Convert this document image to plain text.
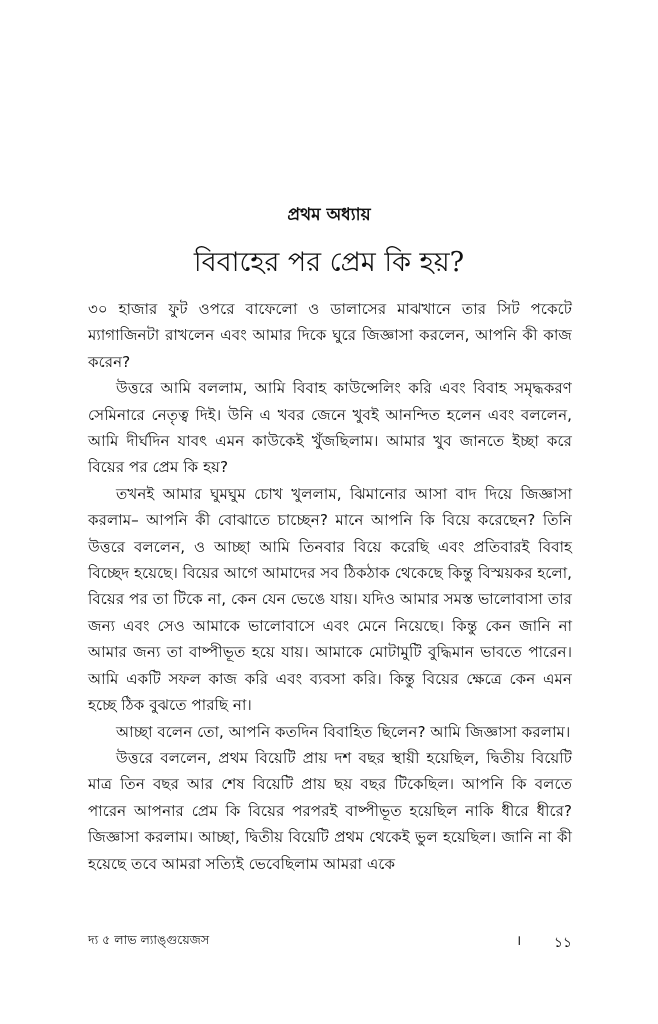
প্রথম অধ্যায়
বিবাহের পর প্রেম কি হয়?

৩০ হাজার ফুট ওপরে বাফেলো ও ডালাসের মাঝখানে তার সিট পকেটে ম্যাগাজিনটা রাখলেন এবং আমার দিকে ঘুরে জিজ্ঞাসা করলেন, আপনি কী কাজ করেন?

উত্তরে আমি বললাম, আমি বিবাহ কাউন্সেলিং করি এবং বিবাহ সমৃদ্ধকরণ সেমিনারে নেতৃত্ব দিই। উনি এ খবর জেনে খুবই আনন্দিত হলেন এবং বললেন, আমি দীর্ঘদিন যাবৎ এমন কাউকেই খুঁজছিলাম। আমার খুব জানতে ইচ্ছা করে বিয়ের পর প্রেম কি হয়?

তখনই আমার ঘুমঘুম চোখ খুললাম, ঝিমানোর আসা বাদ দিয়ে জিজ্ঞাসা করলাম– আপনি কী বোঝাতে চাচ্ছেন? মানে আপনি কি বিয়ে করেছেন? তিনি উত্তরে বললেন, ও আচ্ছা আমি তিনবার বিয়ে করেছি এবং প্রতিবারই বিবাহ বিচ্ছেদ হয়েছে। বিয়ের আগে আমাদের সব ঠিকঠাক থেকেছে কিন্তু বিস্ময়কর হলো, বিয়ের পর তা টিকে না, কেন যেন ভেঙে যায়। যদিও আমার সমস্ত ভালোবাসা তার জন্য এবং সেও আমাকে ভালোবাসে এবং মেনে নিয়েছে। কিন্তু কেন জানি না আমার জন্য তা বাষ্পীভূত হয়ে যায়। আমাকে মোটামুটি বুদ্ধিমান ভাবতে পারেন। আমি একটি সফল কাজ করি এবং ব্যবসা করি। কিন্তু বিয়ের ক্ষেত্রে কেন এমন হচ্ছে ঠিক বুঝতে পারছি না।

আচ্ছা বলেন তো, আপনি কতদিন বিবাহিত ছিলেন? আমি জিজ্ঞাসা করলাম।

উত্তরে বললেন, প্রথম বিয়েটি প্রায় দশ বছর স্থায়ী হয়েছিল, দ্বিতীয় বিয়েটি মাত্র তিন বছর আর শেষ বিয়েটি প্রায় ছয় বছর টিকেছিল। আপনি কি বলতে পারেন আপনার প্রেম কি বিয়ের পরপরই বাষ্পীভূত হয়েছিল নাকি ধীরে ধীরে? জিজ্ঞাসা করলাম। আচ্ছা, দ্বিতীয় বিয়েটি প্রথম থেকেই ভুল হয়েছিল। জানি না কী হয়েছে তবে আমরা সত্যিই ভেবেছিলাম আমরা একে

দ্য ৫ লাভ ল্যাঙ্গুয়েজস	। ১১
